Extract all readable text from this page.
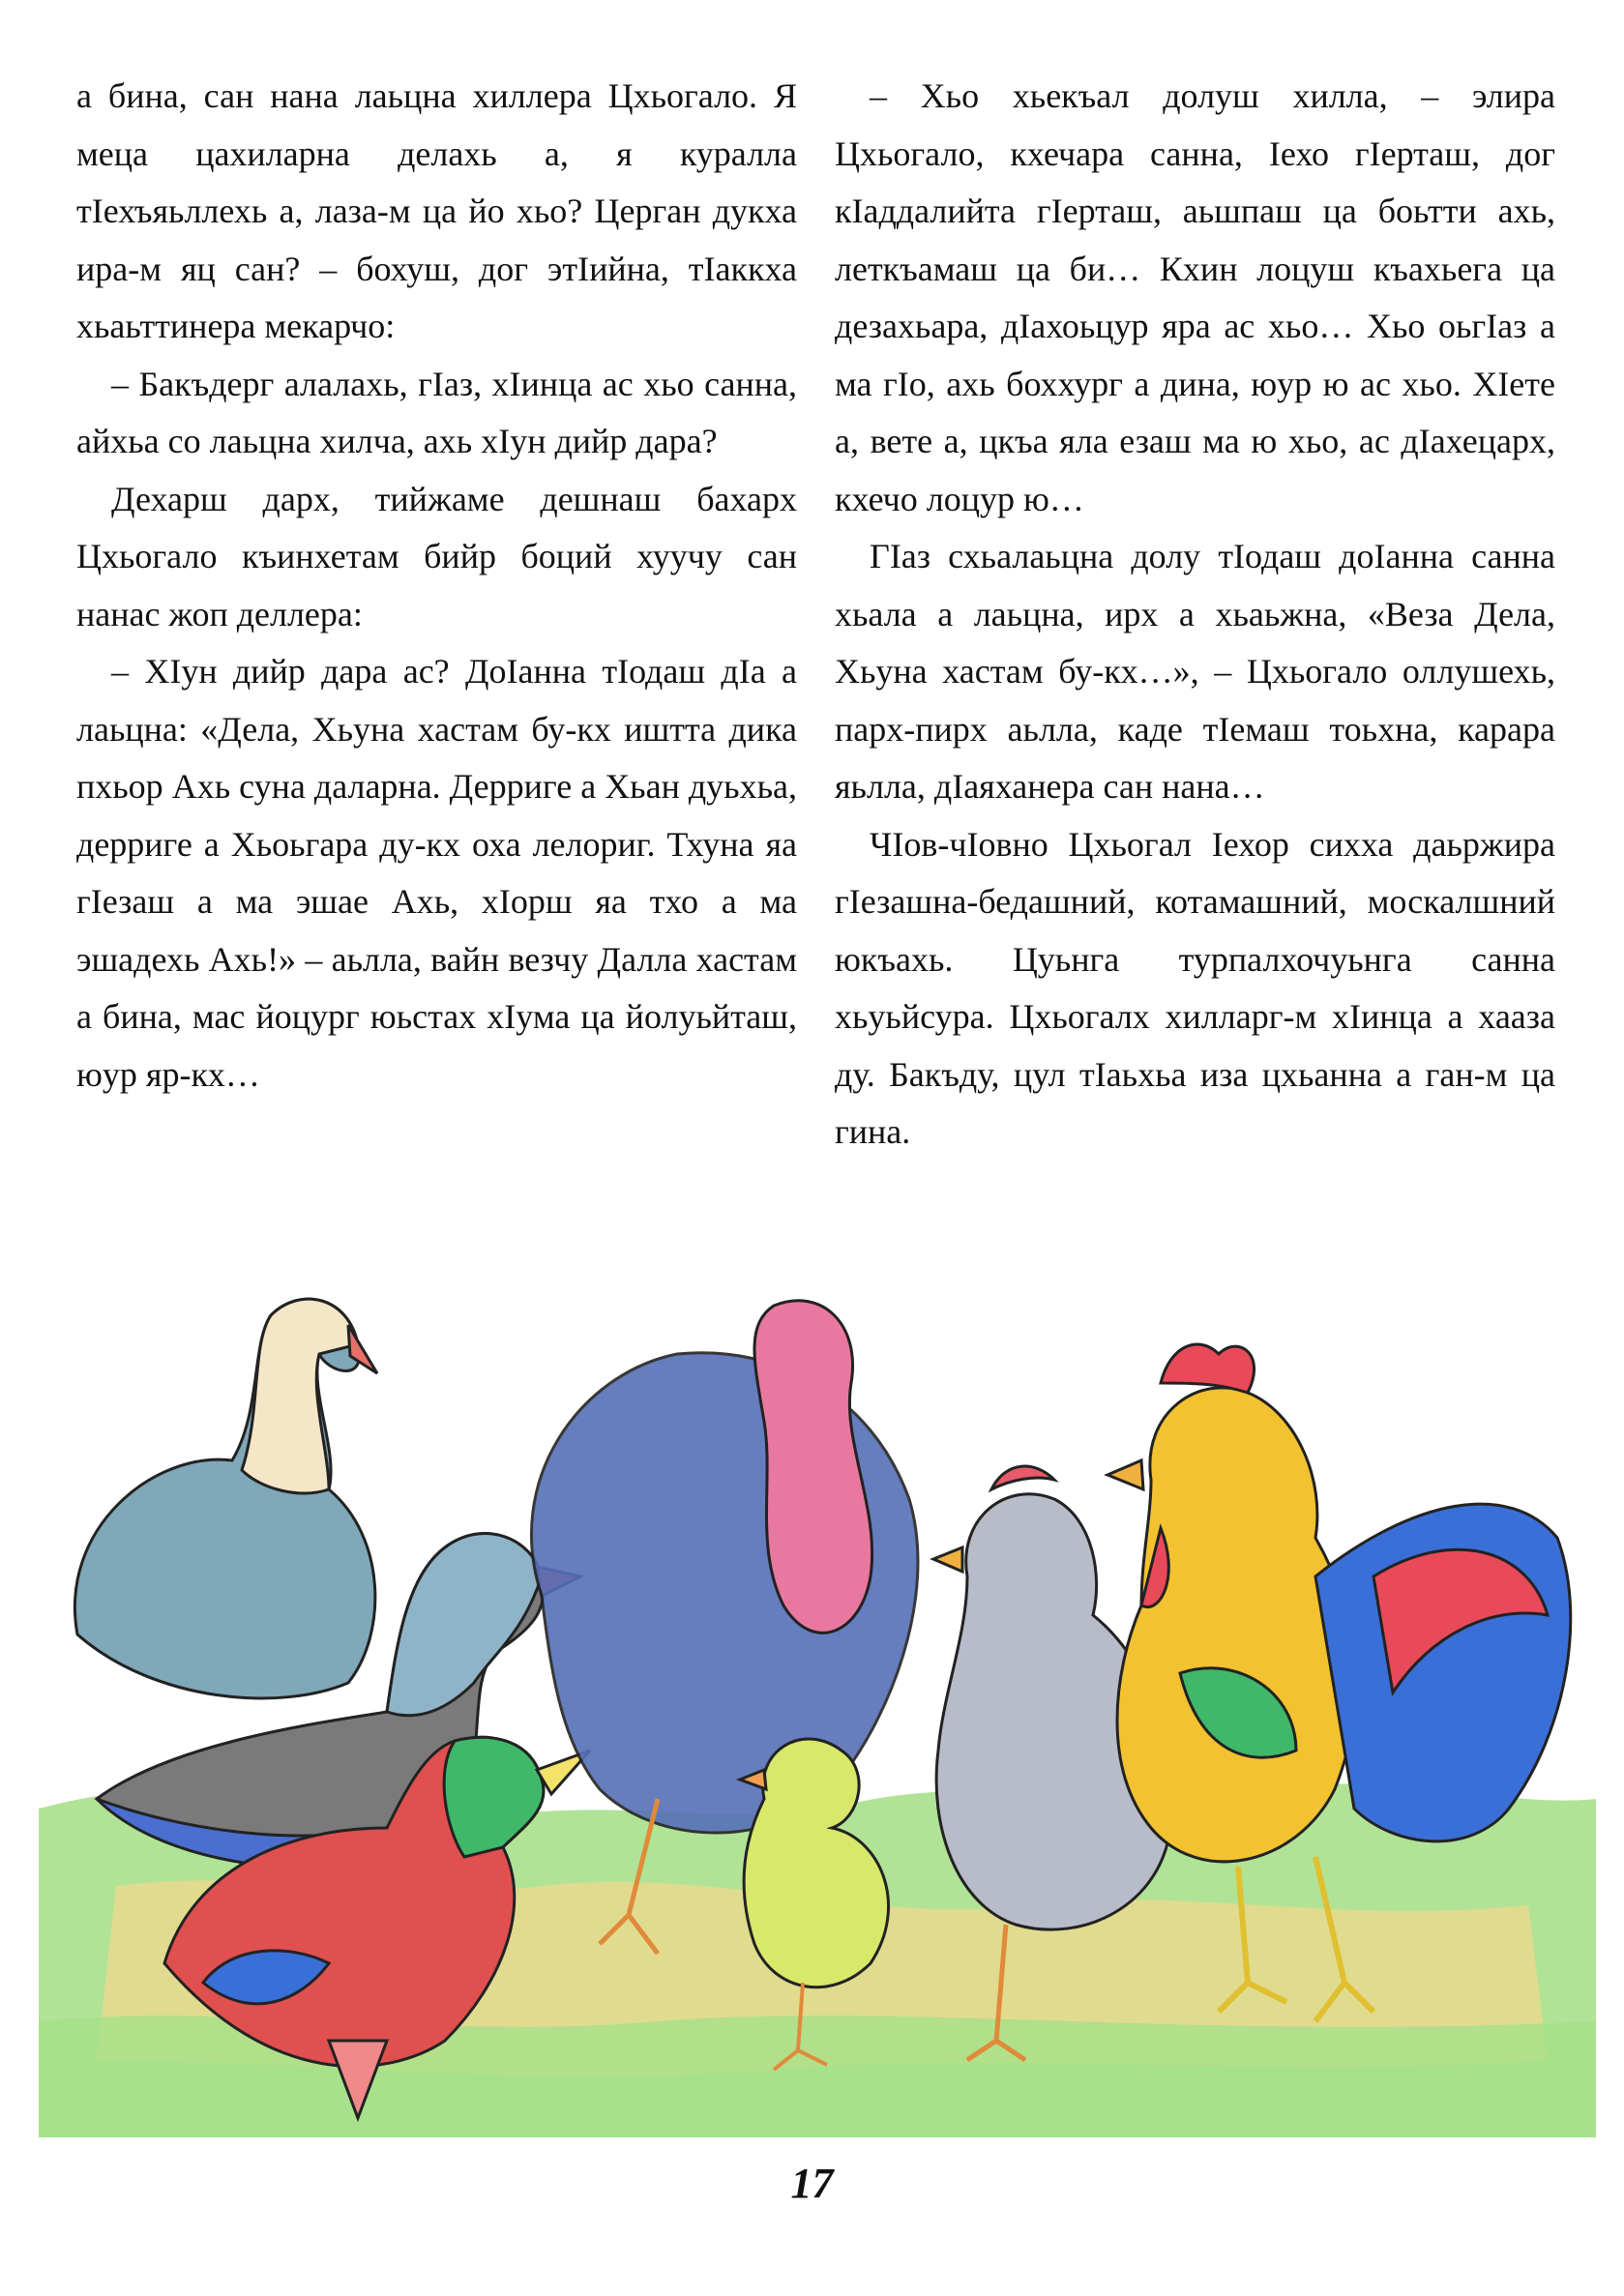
а бина, сан нана лаьцна хиллера Цхьогало. Я меца цахиларна делахь а, я куралла тIехъяьллехь а, лаза-м ца йо хьо? Церган дукха ира-м яц сан? – бохуш, дог этIийна, тIаккха хьаьттинера мекарчо:

– Бакъдерг алалахь, гIаз, хIинца ас хьо санна, айхьа со лаьцна хилча, ахь хIун дийр дара?

Дехарш дарх, тийжаме дешнаш бахарх Цхьогало къинхетам бийр боций хуучу сан нанас жоп деллера:

– ХIун дийр дара ас? ДоIанна тIодаш дIа а лаьцна: «Дела, Хьуна хастам бу-кх иштта дика пхьор Ахь суна даларна. Дерриге а Хьан дуьхьа, дерриге а Хьоьгара ду-кх оха лелориг. Тхуна яа гIезаш а ма эшае Ахь, хIорш яа тхо а ма эшадехь Ахь!» – аьлла, вайн везчу Далла хастам а бина, мас йоцург юьстах хIума ца йолуьйташ, юур яр-кх…

– Хьо хьекъал долуш хилла, – элира Цхьогало, кхечара санна, Iехо гIерташ, дог кIаддалийта гIерташ, аьшпаш ца боьтти ахь, леткъамаш ца би… Кхин лоцуш къахьега ца дезахьара, дIахоьцур яра ас хьо… Хьо оьгIаз а ма гIо, ахь боххург а дина, юур ю ас хьо. ХIете а, вете а, цкъа яла езаш ма ю хьо, ас дIахецарх, кхечо лоцур ю…

ГIаз схьалаьцна долу тIодаш доIанна санна хьала а лаьцна, ирх а хьаьжна, «Веза Дела, Хьуна хастам бу-кх…», – Цхьогало оллушехь, парх-пирх аьлла, каде тIемаш тоьхна, карара яьлла, дIаяханера сан нана…

ЧIов-чIовно Цхьогал Iехор сихха даьржира гIезашна-бедашний, котамашний, москалшний юкъахь. Цуьнга турпалхочуьнга санна хьуьйсура. Цхьогалх хилларг-м хIинца а хааза ду. Бакъду, цул тIаьхьа иза цхьанна а ган-м ца гина.

17
